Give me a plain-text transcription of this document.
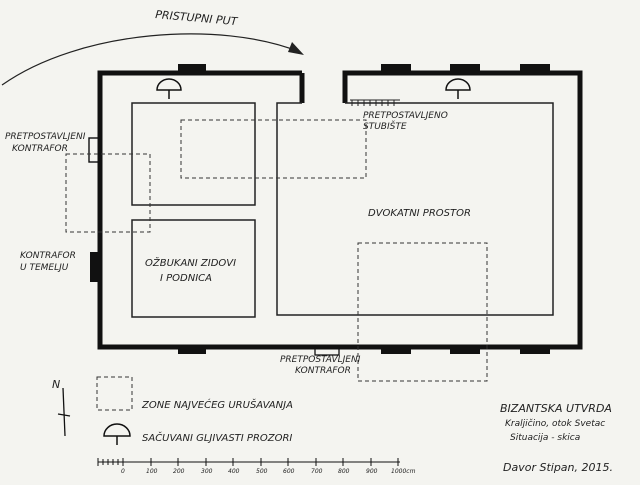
PRISTUPNI PUT
PRETPOSTAVLJENI
KONTRAFOR
PRETPOSTAVLJENO
STUBIŠTE
DVOKATNI PROSTOR
OŽBUKANI ZIDOVI
I PODNICA
KONTRAFOR
U TEMELJU
PRETPOSTAVLJENI
KONTRAFOR
N
ZONE NAJVEĆEG URUŠAVANJA
SAČUVANI GLJIVASTI PROZORI
0	100	200	300	400	500	600	700	800	900 1000cm
BIZANTSKA UTVRDA
Kraljičino, otok Svetac
Situacija - skica
Davor Stipan, 2015.
